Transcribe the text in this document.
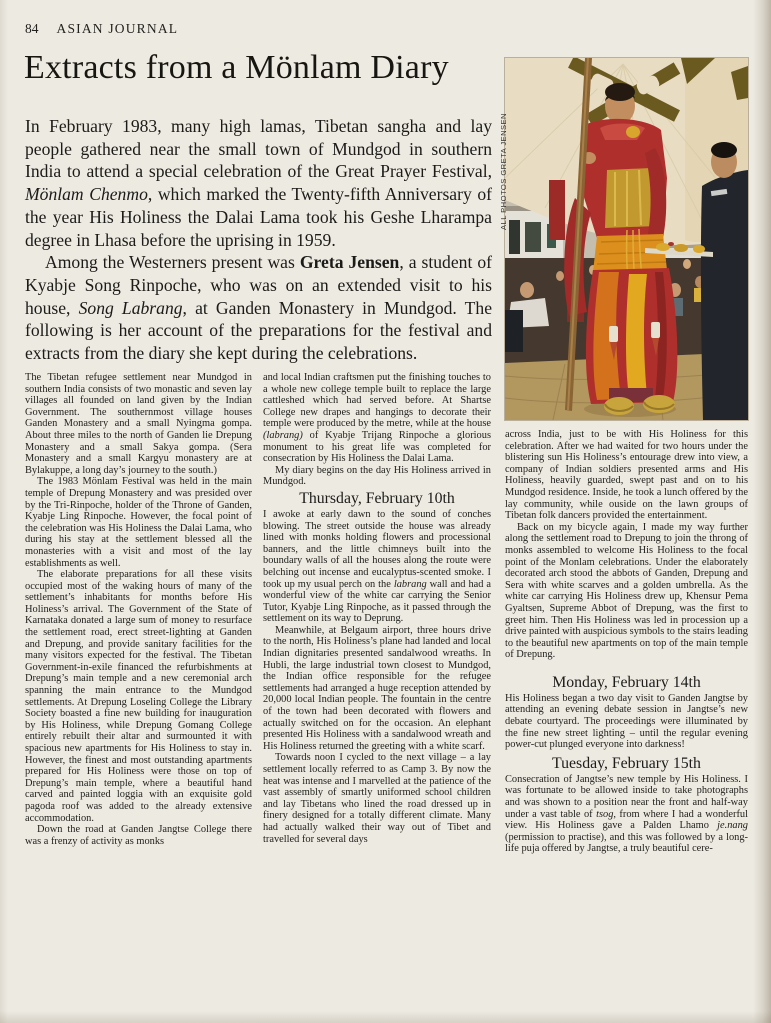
84 ASIAN JOURNAL
Extracts from a Mönlam Diary

In February 1983, many high lamas, Tibetan sangha and lay people gathered near the small town of Mundgod in southern India to attend a special celebration of the Great Prayer Festival, Mönlam Chenmo, which marked the Twenty-fifth Anniversary of the year His Holiness the Dalai Lama took his Geshe Lharampa degree in Lhasa before the uprising in 1959.

Among the Westerners present was Greta Jensen, a student of Kyabje Song Rinpoche, who was on an extended visit to his house, Song Labrang, at Ganden Monastery in Mundgod. The following is her account of the preparations for the festival and extracts from the diary she kept during the celebrations.

ALL PHOTOS GRETA JENSEN

The Tibetan refugee settlement near Mundgod in southern India consists of two monastic and seven lay villages all founded on land given by the Indian Government. The southernmost village houses Ganden Monastery and a small Nyingma gompa. About three miles to the north of Ganden lie Drepung Monastery and a small Sakya gompa. (Sera Monastery and a small Kargyu monastery are at Bylakuppe, a long day’s journey to the south.)

The 1983 Mönlam Festival was held in the main temple of Drepung Monastery and was presided over by the Tri-Rinpoche, holder of the Throne of Ganden, Kyabje Ling Rinpoche. However, the focal point of the celebration was His Holiness the Dalai Lama, who during his stay at the settlement blessed all the monasteries with a visit and most of the lay establishments as well.

The elaborate preparations for all these visits occupied most of the waking hours of many of the settlement’s inhabitants for months before His Holiness’s arrival. The Government of the State of Karnataka donated a large sum of money to resurface the settlement road, erect street-lighting at Ganden and Drepung, and provide sanitary facilities for the many visitors expected for the festival. The Tibetan Government-in-exile financed the refurbishments at Drepung’s main temple and a new ceremonial arch spanning the main entrance to the Mundgod settlements. At Drepung Loseling College the Library Society boasted a fine new building for inauguration by His Holiness, while Drepung Gomang College entirely rebuilt their altar and surmounted it with spacious new apartments for His Holiness to stay in. However, the finest and most outstanding apartments prepared for His Holiness were those on top of Drepung’s main temple, where a beautiful hand carved and painted loggia with an exquisite gold pagoda roof was added to the already extensive accommodation.

Down the road at Ganden Jangtse College there was a frenzy of activity as monks

and local Indian craftsmen put the finishing touches to a whole new college temple built to replace the large cattleshed which had served before. At Shartse College new drapes and hangings to decorate their temple were produced by the metre, while at the house (labrang) of Kyabje Trijang Rinpoche a glorious monument to his great life was completed for consecration by His Holiness the Dalai Lama.

My diary begins on the day His Holiness arrived in Mundgod.

Thursday, February 10th

I awoke at early dawn to the sound of conches blowing. The street outside the house was already lined with monks holding flowers and processional banners, and the little chimneys built into the boundary walls of all the houses along the route were belching out incense and eucalyptus-scented smoke. I took up my usual perch on the labrang wall and had a wonderful view of the white car carrying the Senior Tutor, Kyabje Ling Rinpoche, as it passed through the settlement on its way to Deprung.

Meanwhile, at Belgaum airport, three hours drive to the north, His Holiness’s plane had landed and local Indian dignitaries presented sandalwood wreaths. In Hubli, the large industrial town closest to Mundgod, the Indian office responsible for the refugee settlements had arranged a huge reception attended by 20,000 local Indian people. The fountain in the centre of the town had been decorated with flowers and actually switched on for the occasion. An elephant presented His Holiness with a sandalwood wreath and His Holiness returned the greeting with a white scarf.

Towards noon I cycled to the next village – a lay settlement locally referred to as Camp 3. By now the heat was intense and I marvelled at the patience of the vast assembly of smartly uniformed school children and lay Tibetans who lined the road dressed up in finery designed for a totally different climate. Many had actually walked their way out of Tibet and travelled for several days

across India, just to be with His Holiness for this celebration. After we had waited for two hours under the blistering sun His Holiness’s entourage drew into view, a company of Indian soldiers presented arms and His Holiness, heavily guarded, swept past and on to his Mundgod residence. Inside, he took a lunch offered by the lay community, while ouside on the lawn groups of Tibetan folk dancers provided the entertainment.

Back on my bicycle again, I made my way further along the settlement road to Drepung to join the throng of monks assembled to welcome His Holiness to the focal point of the Monlam celebrations. Under the elaborately decorated arch stood the abbots of Ganden, Drepung and Sera with white scarves and a golden umbrella. As the white car carrying His Holiness drew up, Khensur Pema Gyaltsen, Supreme Abbot of Drepung, was the first to greet him. Then His Holiness was led in procession up a drive painted with auspicious symbols to the stairs leading to the beautiful new apartments on top of the main temple of Drepung.

Monday, February 14th

His Holiness began a two day visit to Ganden Jangtse by attending an evening debate session in Jangtse’s new debate courtyard. The proceedings were illuminated by the fine new street lighting – until the regular evening power-cut plunged everyone into darkness!

Tuesday, February 15th

Consecration of Jangtse’s new temple by His Holiness. I was fortunate to be allowed inside to take photographs and was shown to a position near the front and half-way under a vast table of tsog, from where I had a wonderful view. His Holiness gave a Palden Lhamo je.nang (permission to practise), and this was followed by a long-life puja offered by Jangtse, a truly beautiful cere-
